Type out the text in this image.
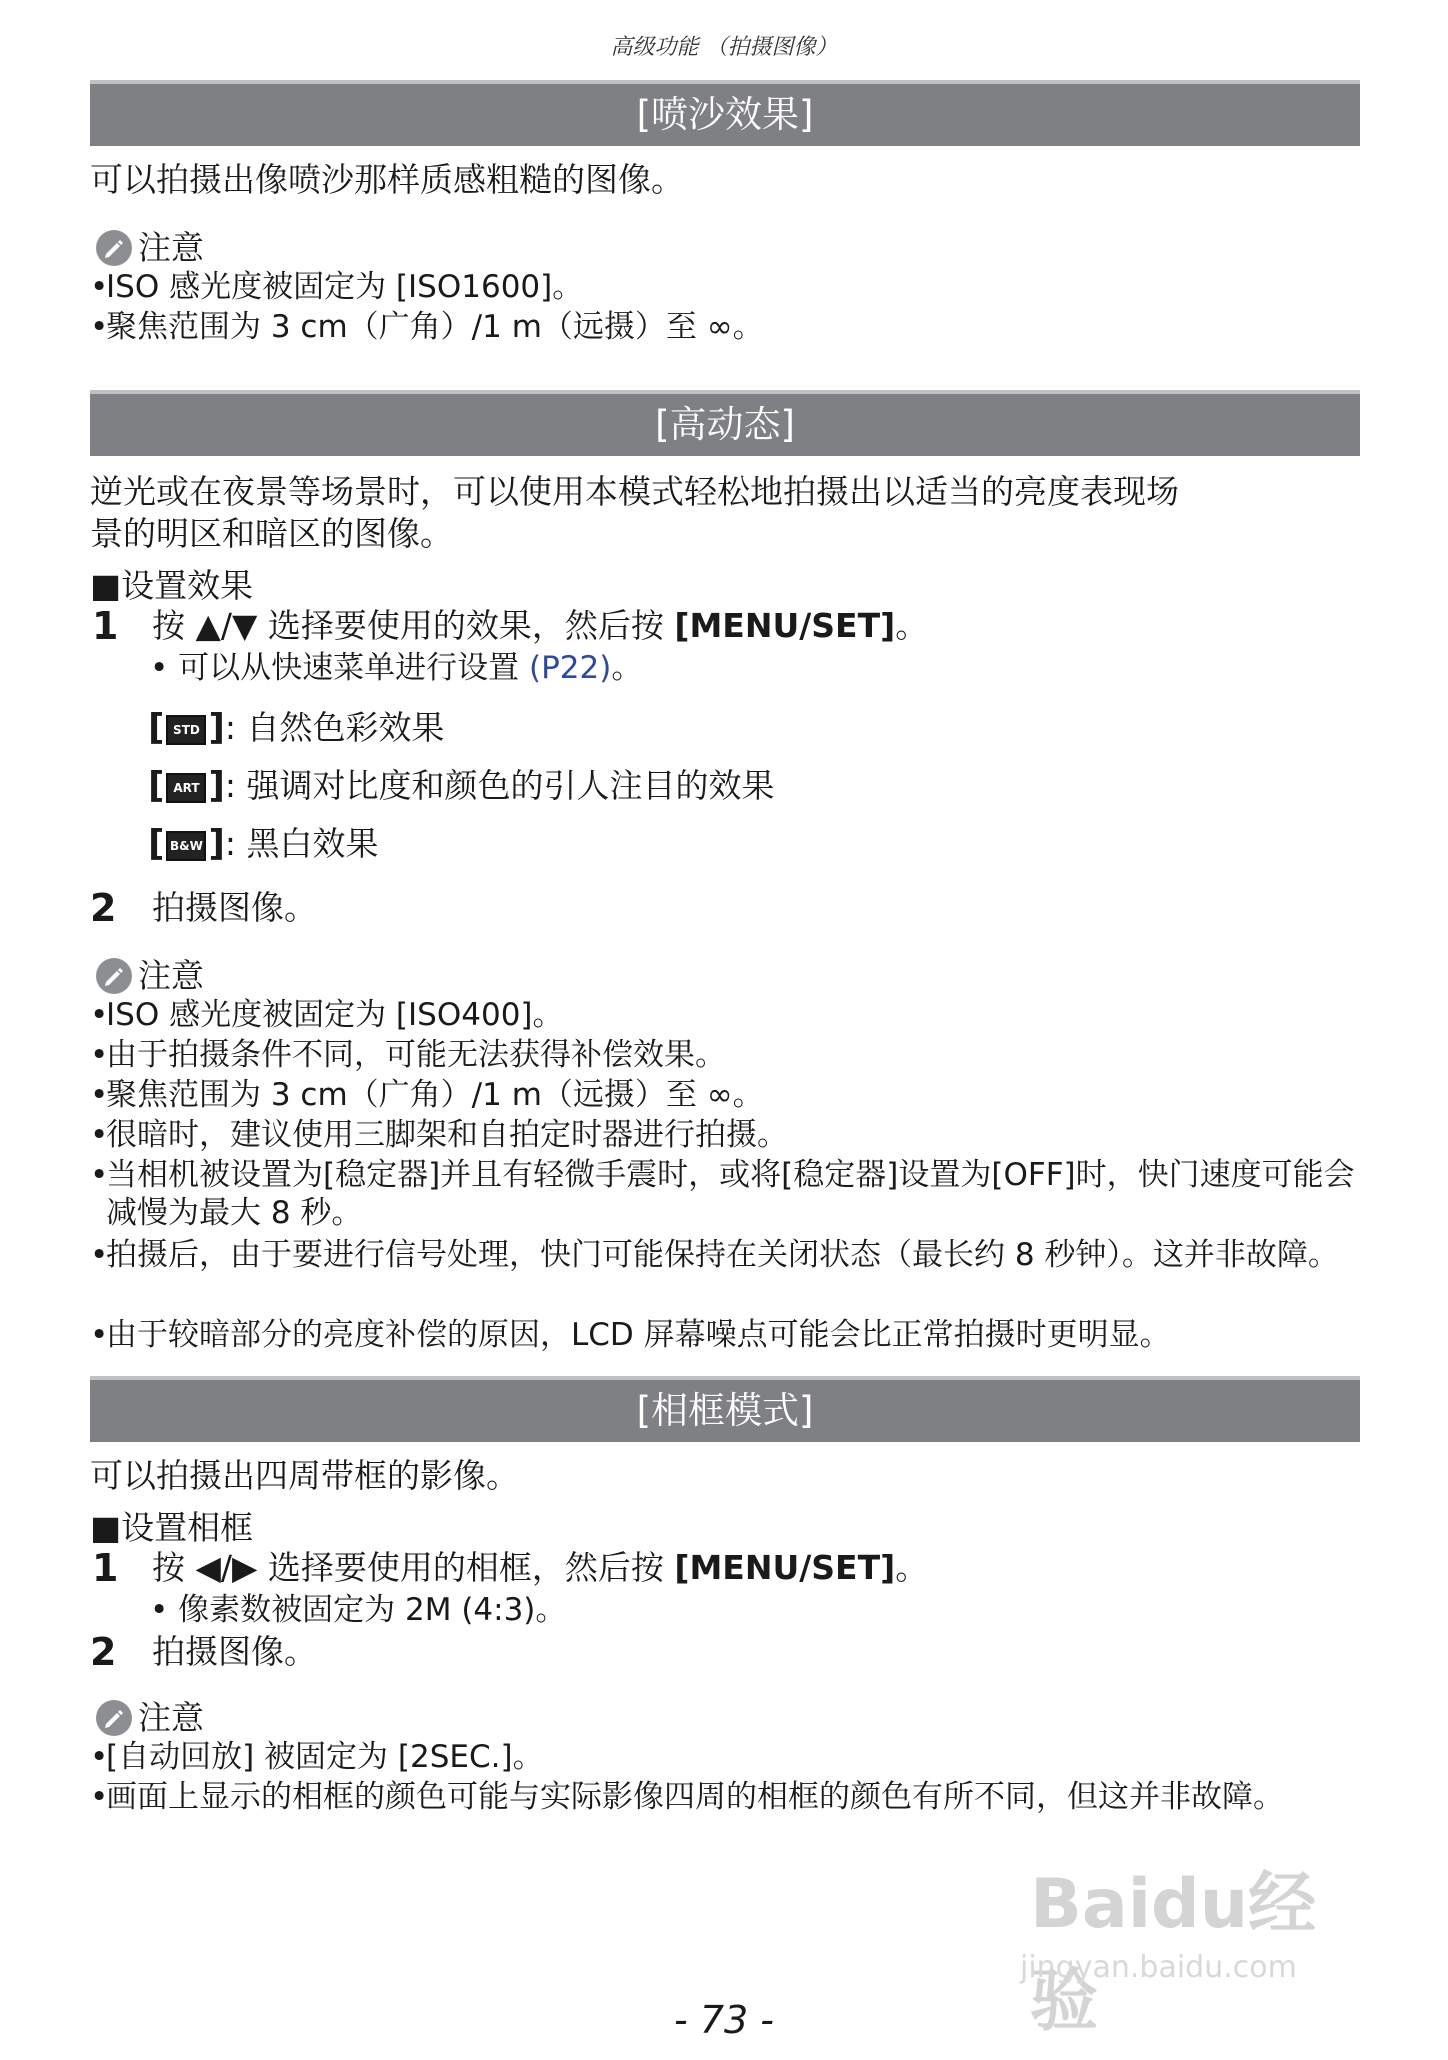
高级功能 （拍摄图像）
[喷沙效果]
可以拍摄出像喷沙那样质感粗糙的图像。
注意
•
ISO 感光度被固定为 [ISO1600]。
•
聚焦范围为 3 cm（广角）/1 m（远摄）至 ∞。
[高动态]
逆光或在夜景等场景时，可以使用本模式轻松地拍摄出以适当的亮度表现场
景的明区和暗区的图像。
■设置效果
1 按 ▲/▼ 选择要使用的效果，然后按 [MENU/SET]。
• 可以从快速菜单进行设置 (P22)。
[ STD ]: 自然色彩效果
[ ART ]: 强调对比度和颜色的引人注目的效果
[ B&W ]: 黑白效果
2 拍摄图像。
注意
•
ISO 感光度被固定为 [ISO400]。
•
由于拍摄条件不同，可能无法获得补偿效果。
•
聚焦范围为 3 cm（广角）/1 m（远摄）至 ∞。
•
很暗时，建议使用三脚架和自拍定时器进行拍摄。
•
当相机被设置为[稳定器]并且有轻微手震时，或将[稳定器]设置为[OFF]时，快门速度可能会减慢为最大 8 秒。
•
拍摄后，由于要进行信号处理，快门可能保持在关闭状态（最长约 8 秒钟）。这并非故障。
•
由于较暗部分的亮度补偿的原因，LCD 屏幕噪点可能会比正常拍摄时更明显。
[相框模式]
可以拍摄出四周带框的影像。
■设置相框
1 按 ◀/▶ 选择要使用的相框，然后按 [MENU/SET]。
• 像素数被固定为 2M (4:3)。
2 拍摄图像。
注意
•
[自动回放] 被固定为 [2SEC.]。
•
画面上显示的相框的颜色可能与实际影像四周的相框的颜色有所不同，但这并非故障。
Baidu经验
jingyan.baidu.com
- 73 -
